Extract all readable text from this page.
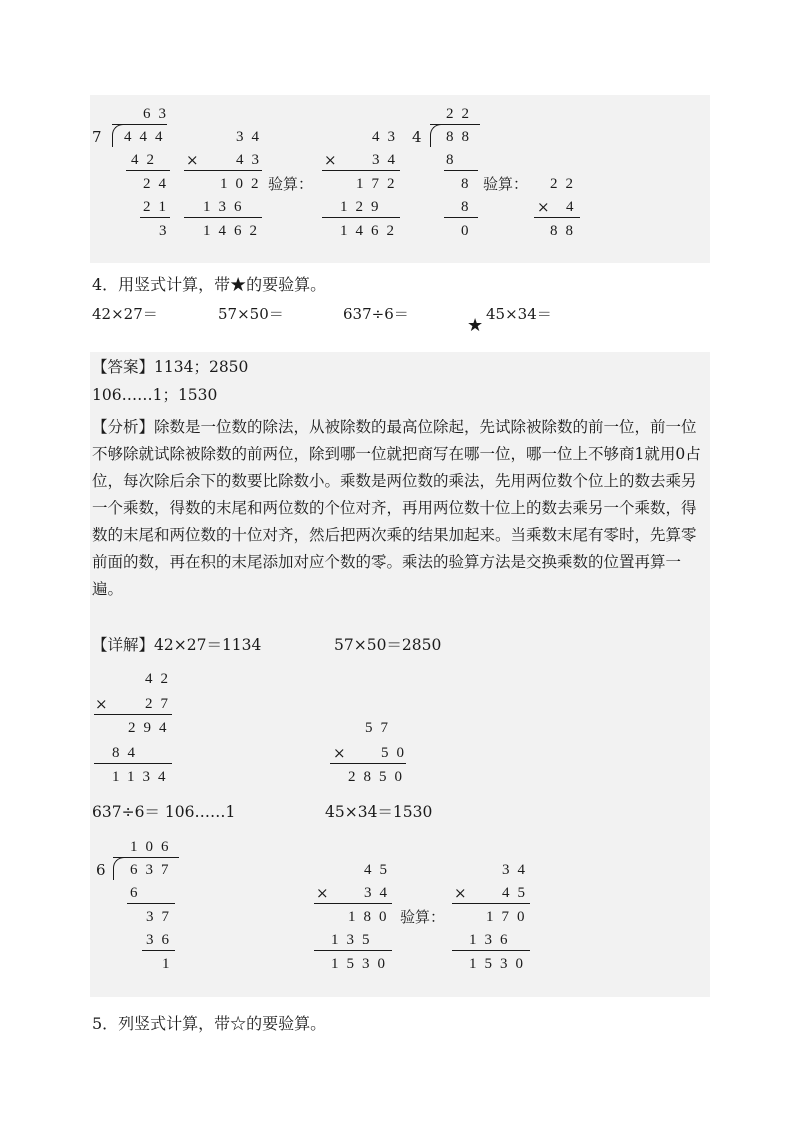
63
7 444
42
24
21
3
34
× 43
102 验算：
136
1462
43
× 34
172
129
1462
22
4 88
8
8
8
0
验算： 22
× 4
88
4．用竖式计算，带★的要验算。
42×27＝	57×50＝	637÷6＝
★
45×34＝
【答案】1134；2850
106……1；1530
【分析】除数是一位数的除法，从被除数的最高位除起，先试除被除数的前一位，前一位不够除就试除被除数的前两位，除到哪一位就把商写在哪一位，哪一位上不够商1就用0占位，每次除后余下的数要比除数小。乘数是两位数的乘法，先用两位数个位上的数去乘另一个乘数，得数的末尾和两位数的个位对齐，再用两位数十位上的数去乘另一个乘数，得数的末尾和两位数的十位对齐，然后把两次乘的结果加起来。当乘数末尾有零时，先算零前面的数，再在积的末尾添加对应个数的零。乘法的验算方法是交换乘数的位置再算一遍。
【详解】42×27＝1134	57×50＝2850
42
× 27
294
84
1134
57
× 50
2850
637÷6＝ 106……1	45×34＝1530
106
6 637
6
37
36
1
45
× 34
180 验算：
135
1530
34
× 45
170
136
1530
5．列竖式计算，带☆的要验算。
